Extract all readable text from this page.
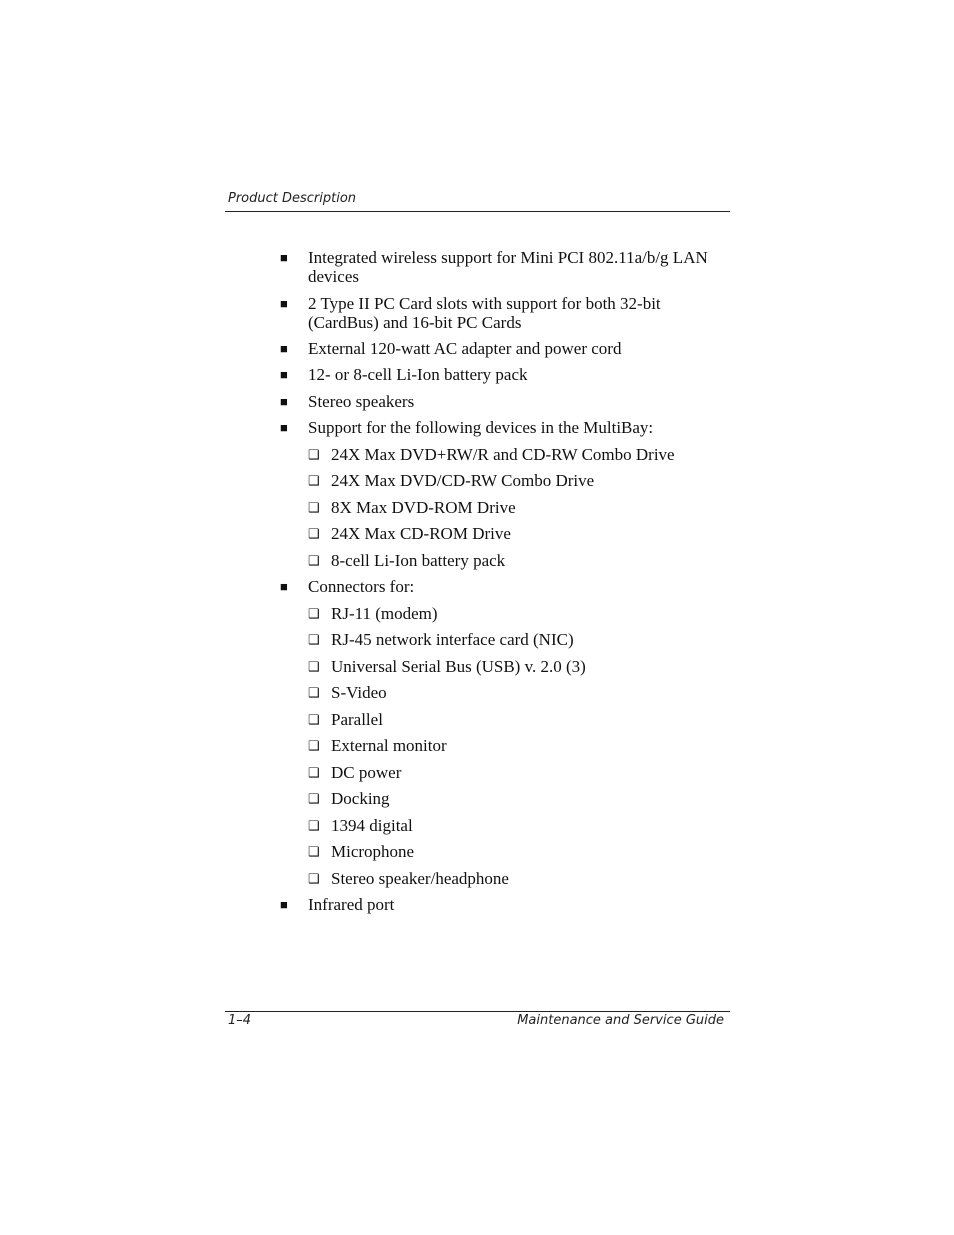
Product Description
■ Integrated wireless support for Mini PCI 802.11a/b/g LAN devices
■ 2 Type II PC Card slots with support for both 32-bit (CardBus) and 16-bit PC Cards
■ External 120-watt AC adapter and power cord
■ 12- or 8-cell Li-Ion battery pack
■ Stereo speakers
■ Support for the following devices in the MultiBay:
❑ 24X Max DVD+RW/R and CD-RW Combo Drive
❑ 24X Max DVD/CD-RW Combo Drive
❑ 8X Max DVD-ROM Drive
❑ 24X Max CD-ROM Drive
❑ 8-cell Li-Ion battery pack
■ Connectors for:
❑ RJ-11 (modem)
❑ RJ-45 network interface card (NIC)
❑ Universal Serial Bus (USB) v. 2.0 (3)
❑ S-Video
❑ Parallel
❑ External monitor
❑ DC power
❑ Docking
❑ 1394 digital
❑ Microphone
❑ Stereo speaker/headphone
■ Infrared port
1–4	Maintenance and Service Guide
